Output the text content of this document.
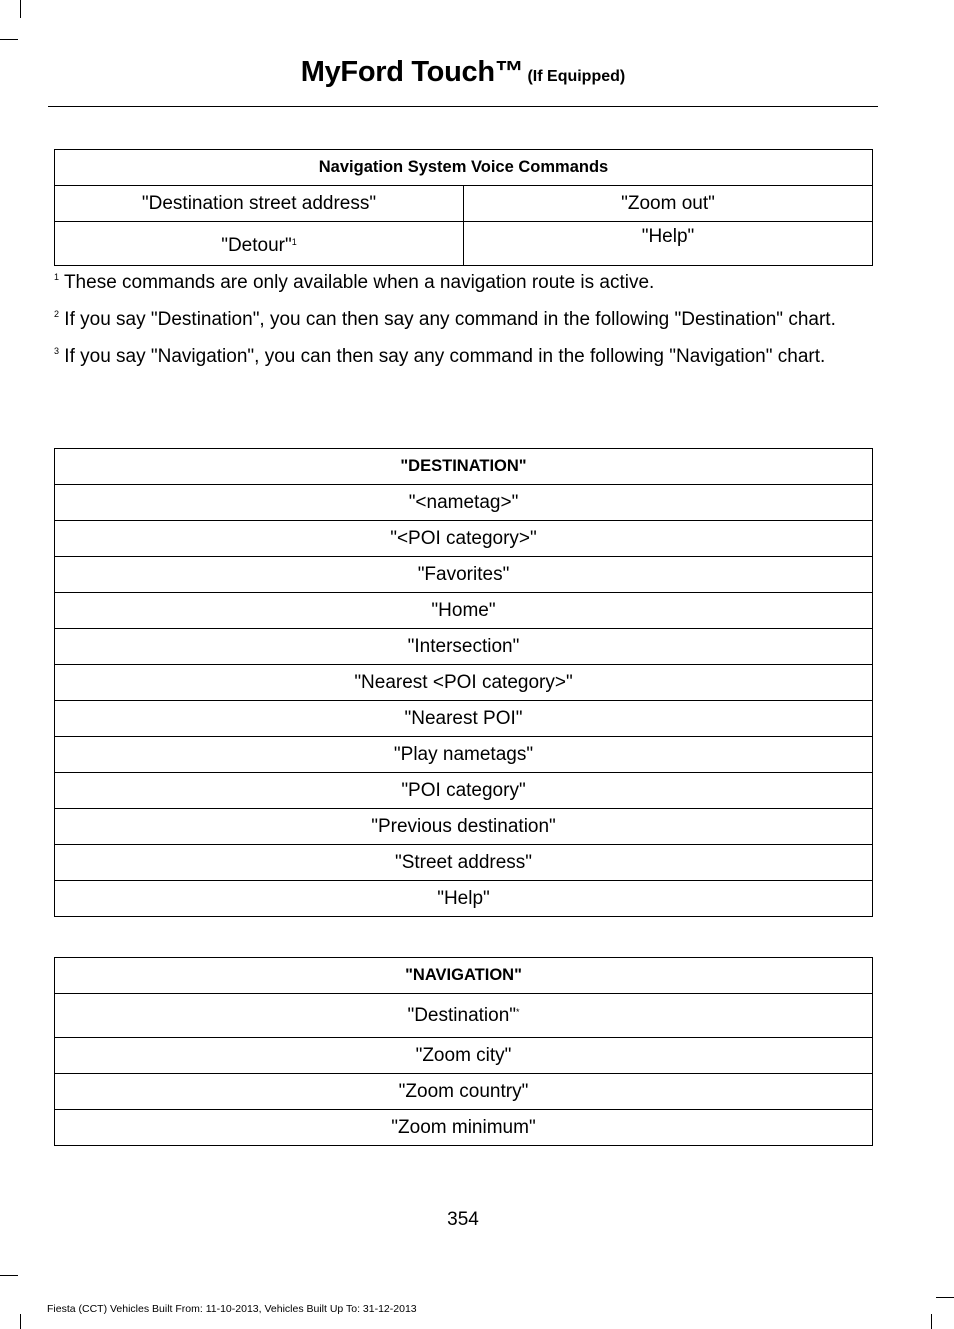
MyFord Touch™ (If Equipped)
Navigation System Voice Commands	
"Destination street address"	"Zoom out"
"Detour"$^1$	"Help"

$^1$ These commands are only available when a navigation route is active.

$^2$ If you say "Destination", you can then say any command in the following "Destination" chart.

$^3$ If you say "Navigation", you can then say any command in the following "Navigation" chart.

"DESTINATION"
"<nametag>"
"<POI category>"
"Favorites"
"Home"
"Intersection"
"Nearest <POI category>"
"Nearest POI"
"Play nametags"
"POI category"
"Previous destination"
"Street address"
"Help"
"NAVIGATION"
"Destination"*
"Zoom city"
"Zoom country"
"Zoom minimum"
354
Fiesta (CCT) Vehicles Built From: 11-10-2013, Vehicles Built Up To: 31-12-2013
